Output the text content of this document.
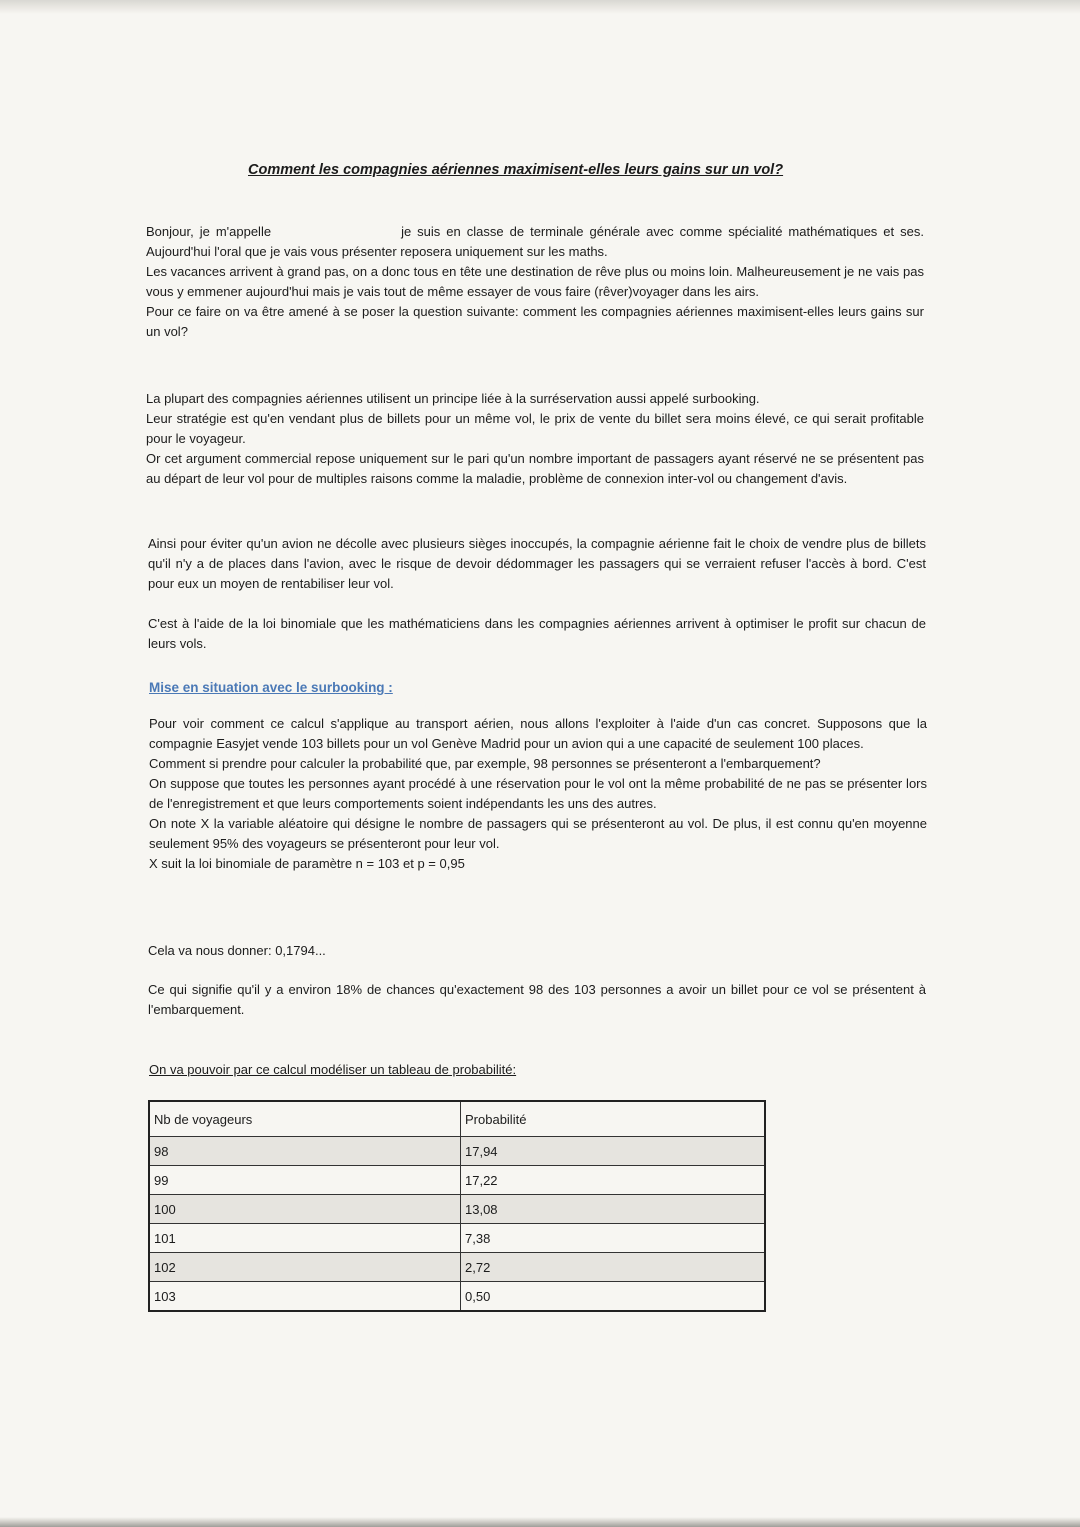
Comment les compagnies aériennes maximisent-elles leurs gains sur un vol?

Bonjour, je m'appelle	je suis en classe de terminale générale avec comme spécialité mathématiques et ses. Aujourd'hui l'oral que je vais vous présenter reposera uniquement sur les maths.
Les vacances arrivent à grand pas, on a donc tous en tête une destination de rêve plus ou moins loin. Malheureusement je ne vais pas vous y emmener aujourd'hui mais je vais tout de même essayer de vous faire (rêver)voyager dans les airs.
Pour ce faire on va être amené à se poser la question suivante: comment les compagnies aériennes maximisent-elles leurs gains sur un vol?

La plupart des compagnies aériennes utilisent un principe liée à la surréservation aussi appelé surbooking.
Leur stratégie est qu'en vendant plus de billets pour un même vol, le prix de vente du billet sera moins élevé, ce qui serait profitable pour le voyageur.
Or cet argument commercial repose uniquement sur le pari qu'un nombre important de passagers ayant réservé ne se présentent pas au départ de leur vol pour de multiples raisons comme la maladie, problème de connexion inter-vol ou changement d'avis.

Ainsi pour éviter qu'un avion ne décolle avec plusieurs sièges inoccupés, la compagnie aérienne fait le choix de vendre plus de billets qu'il n'y a de places dans l'avion, avec le risque de devoir dédommager les passagers qui se verraient refuser l'accès à bord. C'est pour eux un moyen de rentabiliser leur vol.

C'est à l'aide de la loi binomiale que les mathématiciens dans les compagnies aériennes arrivent à optimiser le profit sur chacun de leurs vols.

Mise en situation avec le surbooking :

Pour voir comment ce calcul s'applique au transport aérien, nous allons l'exploiter à l'aide d'un cas concret. Supposons que la compagnie Easyjet vende 103 billets pour un vol Genève Madrid pour un avion qui a une capacité de seulement 100 places.
Comment si prendre pour calculer la probabilité que, par exemple, 98 personnes se présenteront a l'embarquement?
On suppose que toutes les personnes ayant procédé à une réservation pour le vol ont la même probabilité de ne pas se présenter lors de l'enregistrement et que leurs comportements soient indépendants les uns des autres.
On note X la variable aléatoire qui désigne le nombre de passagers qui se présenteront au vol. De plus, il est connu qu'en moyenne seulement 95% des voyageurs se présenteront pour leur vol.
X suit la loi binomiale de paramètre n = 103 et p = 0,95

Cela va nous donner: 0,1794...

Ce qui signifie qu'il y a environ 18% de chances qu'exactement 98 des 103 personnes a avoir un billet pour ce vol se présentent à l'embarquement.

On va pouvoir par ce calcul modéliser un tableau de probabilité:

Nb de voyageurs	Probabilité
98	17,94
99	17,22
100	13,08
101	7,38
102	2,72
103	0,50
